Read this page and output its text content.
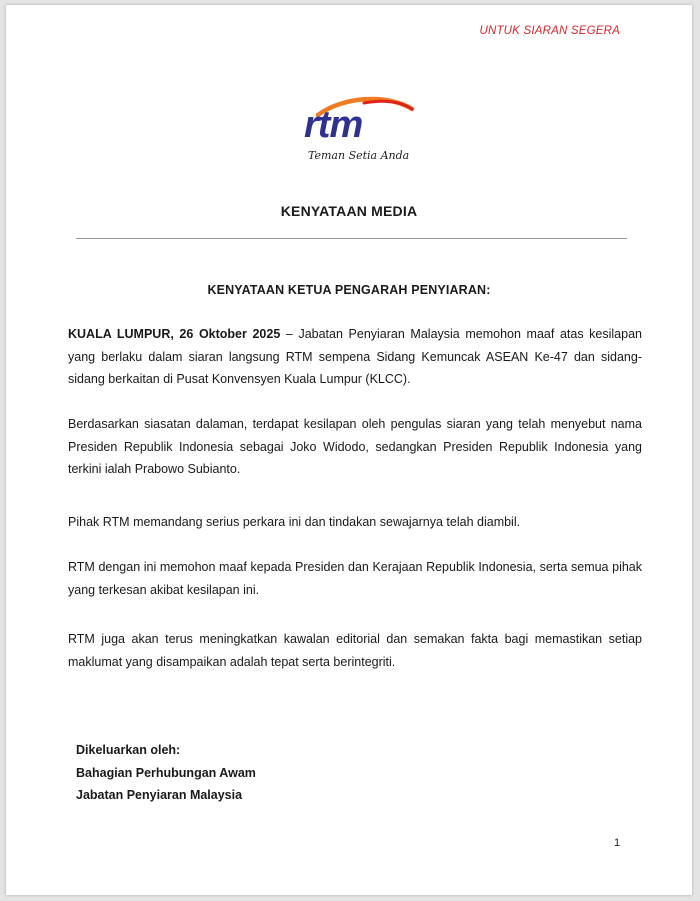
UNTUK SIARAN SEGERA
rtm
Teman Setia Anda
KENYATAAN MEDIA
KENYATAAN KETUA PENGARAH PENYIARAN:
KUALA LUMPUR, 26 Oktober 2025 – Jabatan Penyiaran Malaysia memohon maaf atas kesilapan yang berlaku dalam siaran langsung RTM sempena Sidang Kemuncak ASEAN Ke-47 dan sidang-sidang berkaitan di Pusat Konvensyen Kuala Lumpur (KLCC).
Berdasarkan siasatan dalaman, terdapat kesilapan oleh pengulas siaran yang telah menyebut nama Presiden Republik Indonesia sebagai Joko Widodo, sedangkan Presiden Republik Indonesia yang terkini ialah Prabowo Subianto.
Pihak RTM memandang serius perkara ini dan tindakan sewajarnya telah diambil.
RTM dengan ini memohon maaf kepada Presiden dan Kerajaan Republik Indonesia, serta semua pihak yang terkesan akibat kesilapan ini.
RTM juga akan terus meningkatkan kawalan editorial dan semakan fakta bagi memastikan setiap maklumat yang disampaikan adalah tepat serta berintegriti.
Dikeluarkan oleh:
Bahagian Perhubungan Awam
Jabatan Penyiaran Malaysia
1
